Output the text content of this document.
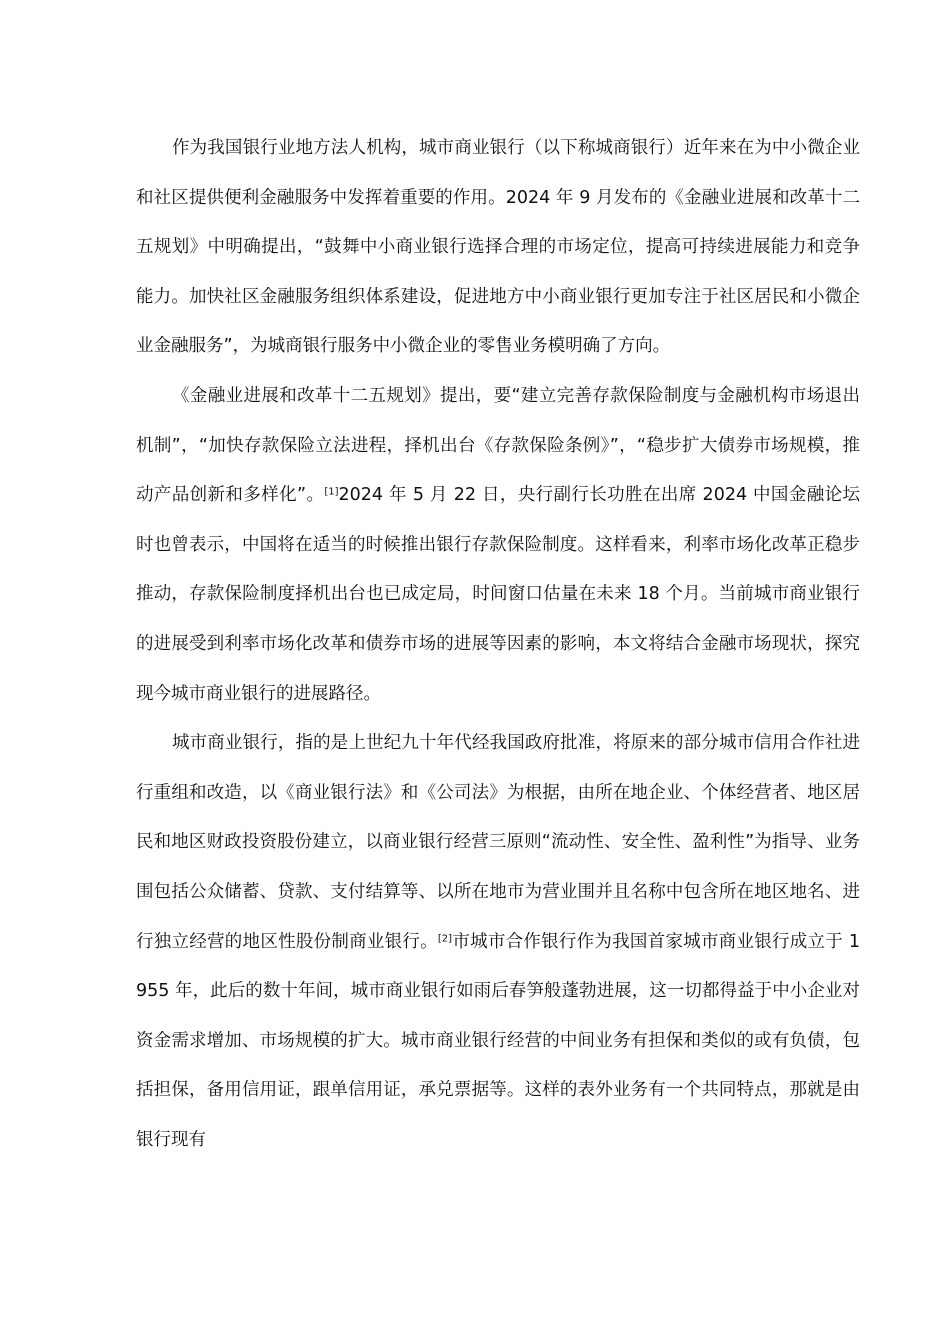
作为我国银行业地方法人机构，城市商业银行（以下称城商银行）近年来在为中小微企业和社区提供便利金融服务中发挥着重要的作用。2024 年 9 月发布的《金融业进展和改革十二五规划》中明确提出，“鼓舞中小商业银行选择合理的市场定位，提高可持续进展能力和竞争能力。加快社区金融服务组织体系建设，促进地方中小商业银行更加专注于社区居民和小微企业金融服务”，为城商银行服务中小微企业的零售业务模明确了方向。

《金融业进展和改革十二五规划》提出，要“建立完善存款保险制度与金融机构市场退出机制”，“加快存款保险立法进程，择机出台《存款保险条例》”，“稳步扩大债券市场规模，推动产品创新和多样化”。[1]2024 年 5 月 22 日，央行副行长功胜在出席 2024 中国金融论坛时也曾表示，中国将在适当的时候推出银行存款保险制度。这样看来，利率市场化改革正稳步推动，存款保险制度择机出台也已成定局，时间窗口估量在未来 18 个月。当前城市商业银行的进展受到利率市场化改革和债券市场的进展等因素的影响，本文将结合金融市场现状，探究现今城市商业银行的进展路径。

城市商业银行，指的是上世纪九十年代经我国政府批准，将原来的部分城市信用合作社进行重组和改造，以《商业银行法》和《公司法》为根据，由所在地企业、个体经营者、地区居民和地区财政投资股份建立，以商业银行经营三原则“流动性、安全性、盈利性”为指导、业务围包括公众储蓄、贷款、支付结算等、以所在地市为营业围并且名称中包含所在地区地名、进行独立经营的地区性股份制商业银行。[2]市城市合作银行作为我国首家城市商业银行成立于 1955 年，此后的数十年间，城市商业银行如雨后春笋般蓬勃进展，这一切都得益于中小企业对资金需求增加、市场规模的扩大。城市商业银行经营的中间业务有担保和类似的或有负债，包括担保，备用信用证，跟单信用证，承兑票据等。这样的表外业务有一个共同特点，那就是由银行现有
